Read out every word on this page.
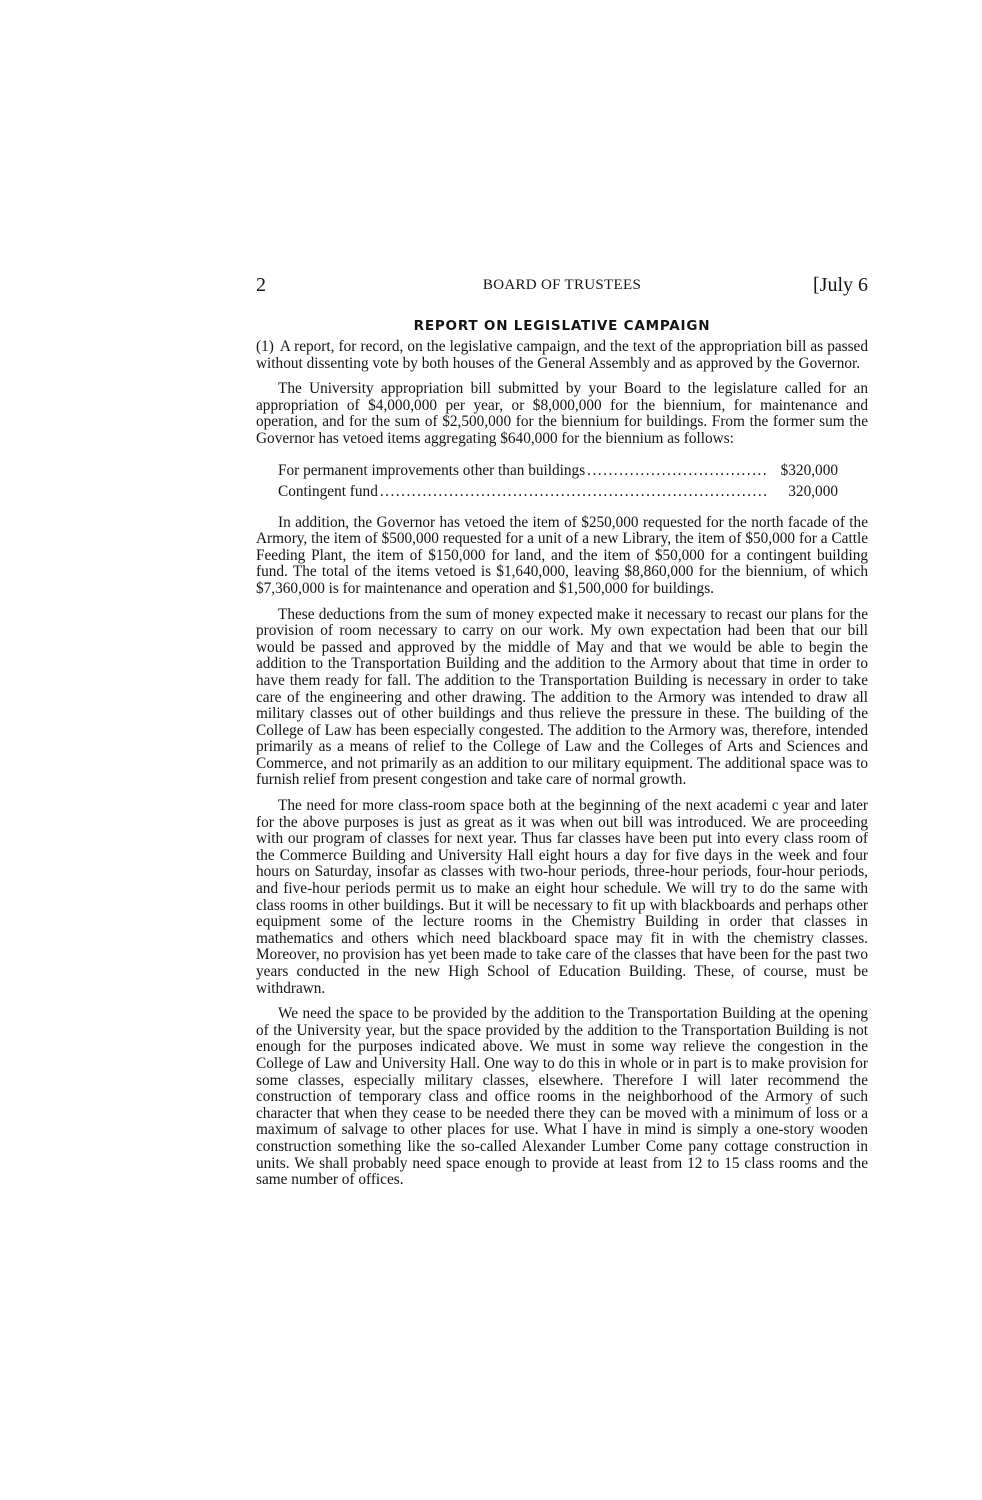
2	BOARD OF TRUSTEES	[July 6
REPORT ON LEGISLATIVE CAMPAIGN

(1) A report, for record, on the legislative campaign, and the text of the appropriation bill as passed without dissenting vote by both houses of the General Assembly and as approved by the Governor.

The University appropriation bill submitted by your Board to the legislature called for an appropriation of $4,000,000 per year, or $8,000,000 for the biennium, for maintenance and operation, and for the sum of $2,500,000 for the biennium for buildings. From the former sum the Governor has vetoed items aggregating $640,000 for the biennium as follows:

For permanent improvements other than buildings .....	$320,000
Contingent fund .....	320,000

In addition, the Governor has vetoed the item of $250,000 requested for the north facade of the Armory, the item of $500,000 requested for a unit of a new Library, the item of $50,000 for a Cattle Feeding Plant, the item of $150,000 for land, and the item of $50,000 for a contingent building fund. The total of the items vetoed is $1,640,000, leaving $8,860,000 for the biennium, of which $7,360,000 is for maintenance and operation and $1,500,000 for buildings.

These deductions from the sum of money expected make it necessary to recast our plans for the provision of room necessary to carry on our work. My own expectation had been that our bill would be passed and approved by the middle of May and that we would be able to begin the addition to the Transportation Building and the addition to the Armory about that time in order to have them ready for fall. The addition to the Transportation Building is necessary in order to take care of the engineering and other drawing. The addition to the Armory was intended to draw all military classes out of other buildings and thus relieve the pressure in these. The building of the College of Law has been especially congested. The addition to the Armory was, therefore, intended primarily as a means of relief to the College of Law and the Colleges of Arts and Sciences and Commerce, and not primarily as an addition to our military equipment. The additional space was to furnish relief from present congestion and take care of normal growth.

The need for more class-room space both at the beginning of the next academi c year and later for the above purposes is just as great as it was when out bill was introduced. We are proceeding with our program of classes for next year. Thus far classes have been put into every class room of the Commerce Building and University Hall eight hours a day for five days in the week and four hours on Saturday, insofar as classes with two-hour periods, three-hour periods, four-hour periods, and five-hour periods permit us to make an eight hour schedule. We will try to do the same with class rooms in other buildings. But it will be necessary to fit up with blackboards and perhaps other equipment some of the lecture rooms in the Chemistry Building in order that classes in mathematics and others which need blackboard space may fit in with the chemistry classes. Moreover, no provision has yet been made to take care of the classes that have been for the past two years conducted in the new High School of Education Building. These, of course, must be withdrawn.

We need the space to be provided by the addition to the Transportation Building at the opening of the University year, but the space provided by the addition to the Transportation Building is not enough for the purposes indicated above. We must in some way relieve the congestion in the College of Law and University Hall. One way to do this in whole or in part is to make provision for some classes, especially military classes, elsewhere. Therefore I will later recommend the construction of temporary class and office rooms in the neighborhood of the Armory of such character that when they cease to be needed there they can be moved with a minimum of loss or a maximum of salvage to other places for use. What I have in mind is simply a one-story wooden construction something like the so-called Alexander Lumber Come pany cottage construction in units. We shall probably need space enough to provide at least from 12 to 15 class rooms and the same number of offices.
